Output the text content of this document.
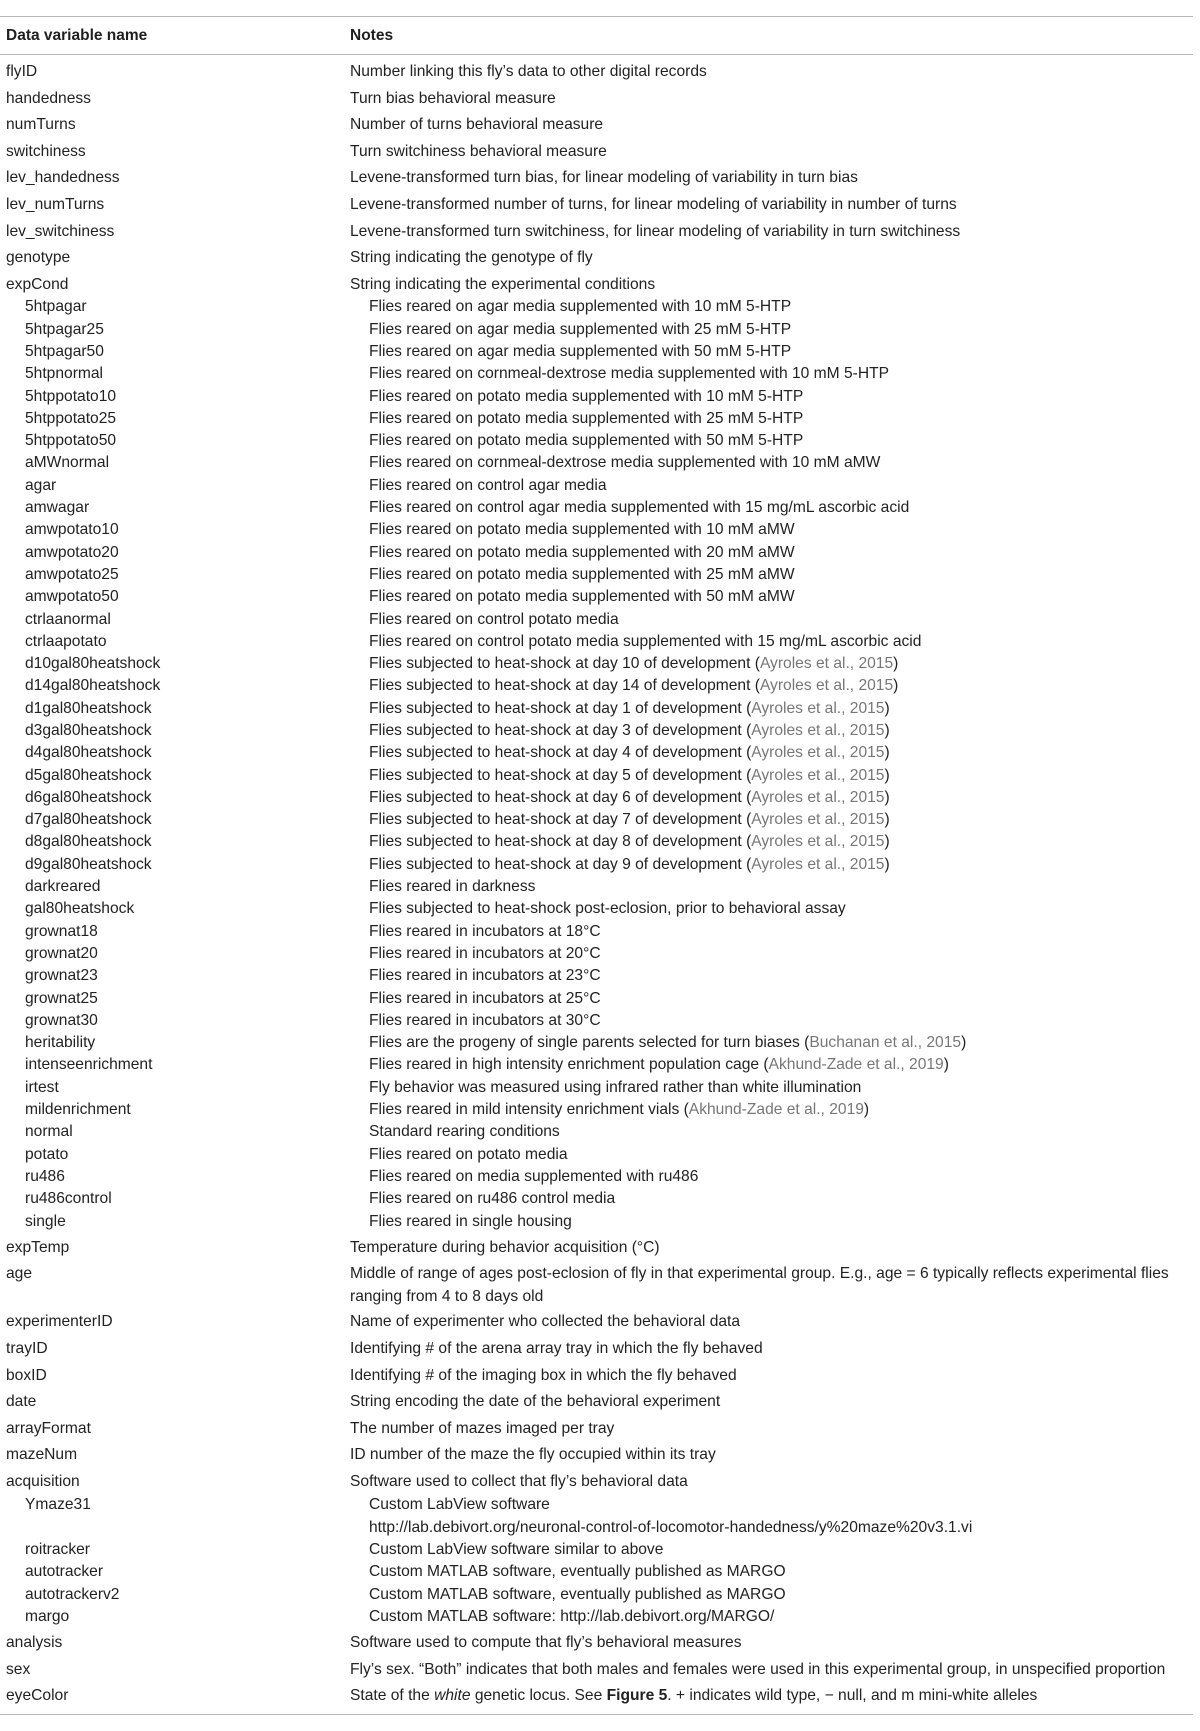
Data variable name	Notes
flyID	Number linking this fly’s data to other digital records
handedness	Turn bias behavioral measure
numTurns	Number of turns behavioral measure
switchiness	Turn switchiness behavioral measure
lev_handedness	Levene-transformed turn bias, for linear modeling of variability in turn bias
lev_numTurns	Levene-transformed number of turns, for linear modeling of variability in number of turns
lev_switchiness	Levene-transformed turn switchiness, for linear modeling of variability in turn switchiness
genotype	String indicating the genotype of fly
expCond	String indicating the experimental conditions
5htpagar	Flies reared on agar media supplemented with 10 mM 5-HTP
5htpagar25	Flies reared on agar media supplemented with 25 mM 5-HTP
5htpagar50	Flies reared on agar media supplemented with 50 mM 5-HTP
5htpnormal	Flies reared on cornmeal-dextrose media supplemented with 10 mM 5-HTP
5htppotato10	Flies reared on potato media supplemented with 10 mM 5-HTP
5htppotato25	Flies reared on potato media supplemented with 25 mM 5-HTP
5htppotato50	Flies reared on potato media supplemented with 50 mM 5-HTP
aMWnormal	Flies reared on cornmeal-dextrose media supplemented with 10 mM aMW
agar	Flies reared on control agar media
amwagar	Flies reared on control agar media supplemented with 15 mg/mL ascorbic acid
amwpotato10	Flies reared on potato media supplemented with 10 mM aMW
amwpotato20	Flies reared on potato media supplemented with 20 mM aMW
amwpotato25	Flies reared on potato media supplemented with 25 mM aMW
amwpotato50	Flies reared on potato media supplemented with 50 mM aMW
ctrlaanormal	Flies reared on control potato media
ctrlaapotato	Flies reared on control potato media supplemented with 15 mg/mL ascorbic acid
d10gal80heatshock	Flies subjected to heat-shock at day 10 of development (Ayroles et al., 2015)
d14gal80heatshock	Flies subjected to heat-shock at day 14 of development (Ayroles et al., 2015)
d1gal80heatshock	Flies subjected to heat-shock at day 1 of development (Ayroles et al., 2015)
d3gal80heatshock	Flies subjected to heat-shock at day 3 of development (Ayroles et al., 2015)
d4gal80heatshock	Flies subjected to heat-shock at day 4 of development (Ayroles et al., 2015)
d5gal80heatshock	Flies subjected to heat-shock at day 5 of development (Ayroles et al., 2015)
d6gal80heatshock	Flies subjected to heat-shock at day 6 of development (Ayroles et al., 2015)
d7gal80heatshock	Flies subjected to heat-shock at day 7 of development (Ayroles et al., 2015)
d8gal80heatshock	Flies subjected to heat-shock at day 8 of development (Ayroles et al., 2015)
d9gal80heatshock	Flies subjected to heat-shock at day 9 of development (Ayroles et al., 2015)
darkreared	Flies reared in darkness
gal80heatshock	Flies subjected to heat-shock post-eclosion, prior to behavioral assay
grownat18	Flies reared in incubators at 18°C
grownat20	Flies reared in incubators at 20°C
grownat23	Flies reared in incubators at 23°C
grownat25	Flies reared in incubators at 25°C
grownat30	Flies reared in incubators at 30°C
heritability	Flies are the progeny of single parents selected for turn biases (Buchanan et al., 2015)
intenseenrichment	Flies reared in high intensity enrichment population cage (Akhund-Zade et al., 2019)
irtest	Fly behavior was measured using infrared rather than white illumination
mildenrichment	Flies reared in mild intensity enrichment vials (Akhund-Zade et al., 2019)
normal	Standard rearing conditions
potato	Flies reared on potato media
ru486	Flies reared on media supplemented with ru486
ru486control	Flies reared on ru486 control media
single	Flies reared in single housing
expTemp	Temperature during behavior acquisition (°C)
age	Middle of range of ages post-eclosion of fly in that experimental group. E.g., age = 6 typically reflects experimental flies
ranging from 4 to 8 days old
experimenterID	Name of experimenter who collected the behavioral data
trayID	Identifying # of the arena array tray in which the fly behaved
boxID	Identifying # of the imaging box in which the fly behaved
date	String encoding the date of the behavioral experiment
arrayFormat	The number of mazes imaged per tray
mazeNum	ID number of the maze the fly occupied within its tray
acquisition	Software used to collect that fly’s behavioral data
Ymaze31	Custom LabView software
http://lab.debivort.org/neuronal-control-of-locomotor-handedness/y%20maze%20v3.1.vi
roitracker	Custom LabView software similar to above
autotracker	Custom MATLAB software, eventually published as MARGO
autotrackerv2	Custom MATLAB software, eventually published as MARGO
margo	Custom MATLAB software: http://lab.debivort.org/MARGO/
analysis	Software used to compute that fly’s behavioral measures
sex	Fly’s sex. “Both” indicates that both males and females were used in this experimental group, in unspecified proportion
eyeColor	State of the white genetic locus. See Figure 5. + indicates wild type, − null, and m mini-white alleles
